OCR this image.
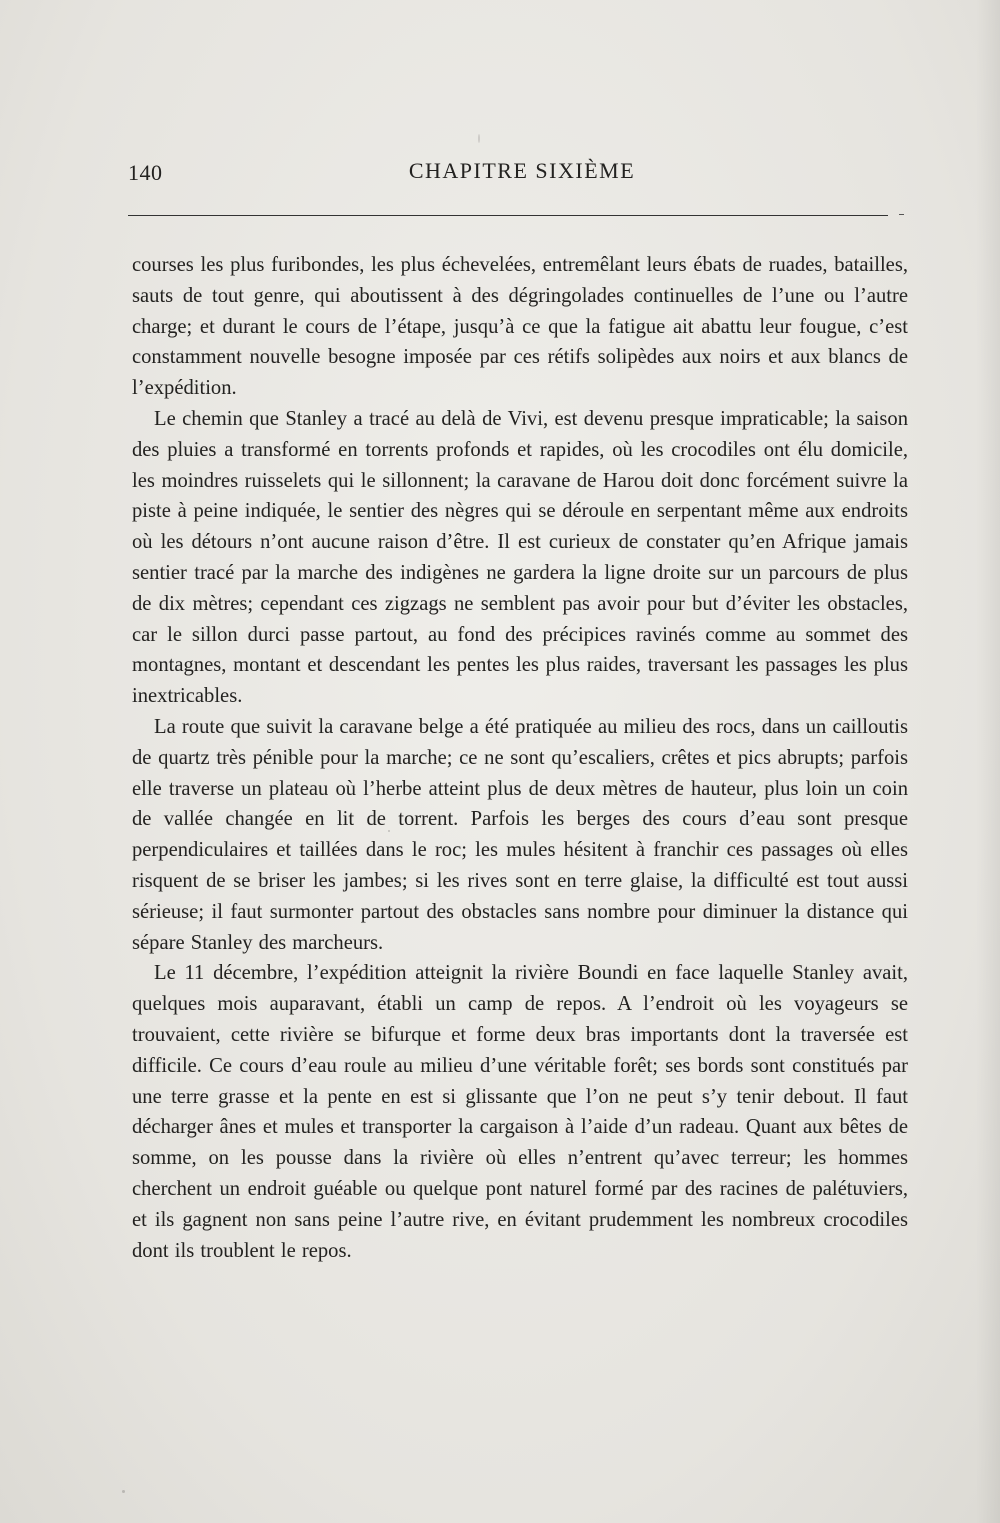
140	CHAPITRE SIXIÈME

courses les plus furibondes, les plus échevelées, entremêlant leurs ébats de ruades, batailles, sauts de tout genre, qui aboutissent à des dégringolades continuelles de l’une ou l’autre charge; et durant le cours de l’étape, jusqu’à ce que la fatigue ait abattu leur fougue, c’est constamment nouvelle besogne imposée par ces rétifs solipèdes aux noirs et aux blancs de l’expédition.

Le chemin que Stanley a tracé au delà de Vivi, est devenu presque impraticable; la saison des pluies a transformé en torrents profonds et rapides, où les crocodiles ont élu domicile, les moindres ruisselets qui le sillonnent; la caravane de Harou doit donc forcément suivre la piste à peine indiquée, le sentier des nègres qui se déroule en serpentant même aux endroits où les détours n’ont aucune raison d’être. Il est curieux de constater qu’en Afrique jamais sentier tracé par la marche des indigènes ne gardera la ligne droite sur un parcours de plus de dix mètres; cependant ces zigzags ne semblent pas avoir pour but d’éviter les obstacles, car le sillon durci passe partout, au fond des précipices ravinés comme au sommet des montagnes, montant et descendant les pentes les plus raides, traversant les passages les plus inextricables.

La route que suivit la caravane belge a été pratiquée au milieu des rocs, dans un cailloutis de quartz très pénible pour la marche; ce ne sont qu’escaliers, crêtes et pics abrupts; parfois elle traverse un plateau où l’herbe atteint plus de deux mètres de hauteur, plus loin un coin de vallée changée en lit de torrent. Parfois les berges des cours d’eau sont presque perpendiculaires et taillées dans le roc; les mules hésitent à franchir ces passages où elles risquent de se briser les jambes; si les rives sont en terre glaise, la difficulté est tout aussi sérieuse; il faut surmonter partout des obstacles sans nombre pour diminuer la distance qui sépare Stanley des marcheurs.

Le 11 décembre, l’expédition atteignit la rivière Boundi en face laquelle Stanley avait, quelques mois auparavant, établi un camp de repos. A l’endroit où les voyageurs se trouvaient, cette rivière se bifurque et forme deux bras importants dont la traversée est difficile. Ce cours d’eau roule au milieu d’une véritable forêt; ses bords sont constitués par une terre grasse et la pente en est si glissante que l’on ne peut s’y tenir debout. Il faut décharger ânes et mules et transporter la cargaison à l’aide d’un radeau. Quant aux bêtes de somme, on les pousse dans la rivière où elles n’entrent qu’avec terreur; les hommes cherchent un endroit guéable ou quelque pont naturel formé par des racines de palétuviers, et ils gagnent non sans peine l’autre rive, en évitant prudemment les nombreux crocodiles dont ils troublent le repos.
